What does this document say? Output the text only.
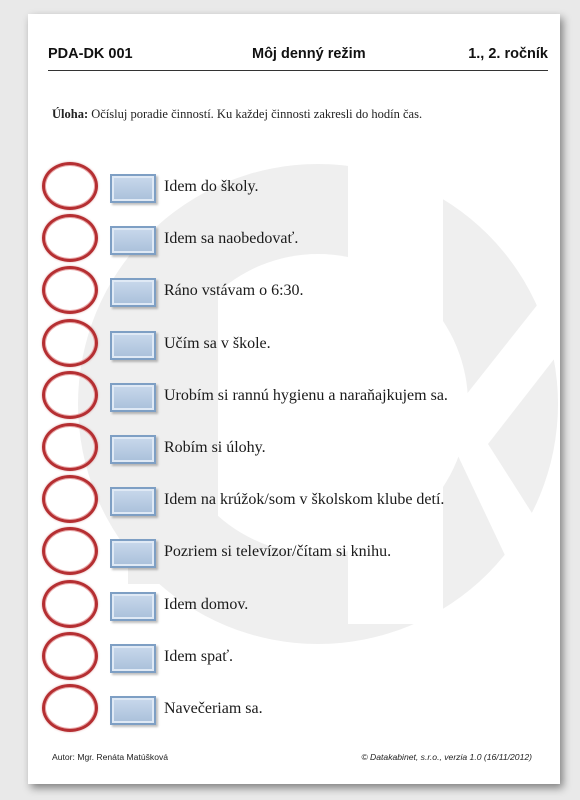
PDA-DK 001	Môj denný režim	1., 2. ročník
Úloha: Očísluj poradie činností. Ku každej činnosti zakresli do hodín čas.
Idem do školy.
Idem sa naobedovať.
Ráno vstávam o 6:30.
Učím sa v škole.
Urobím si rannú hygienu a naraňajkujem sa.
Robím si úlohy.
Idem na krúžok/som v školskom klube detí.
Pozriem si televízor/čítam si knihu.
Idem domov.
Idem spať.
Navečeriam sa.
Autor: Mgr. Renáta Matúšková	© Datakabinet, s.r.o., verzia 1.0 (16/11/2012)
